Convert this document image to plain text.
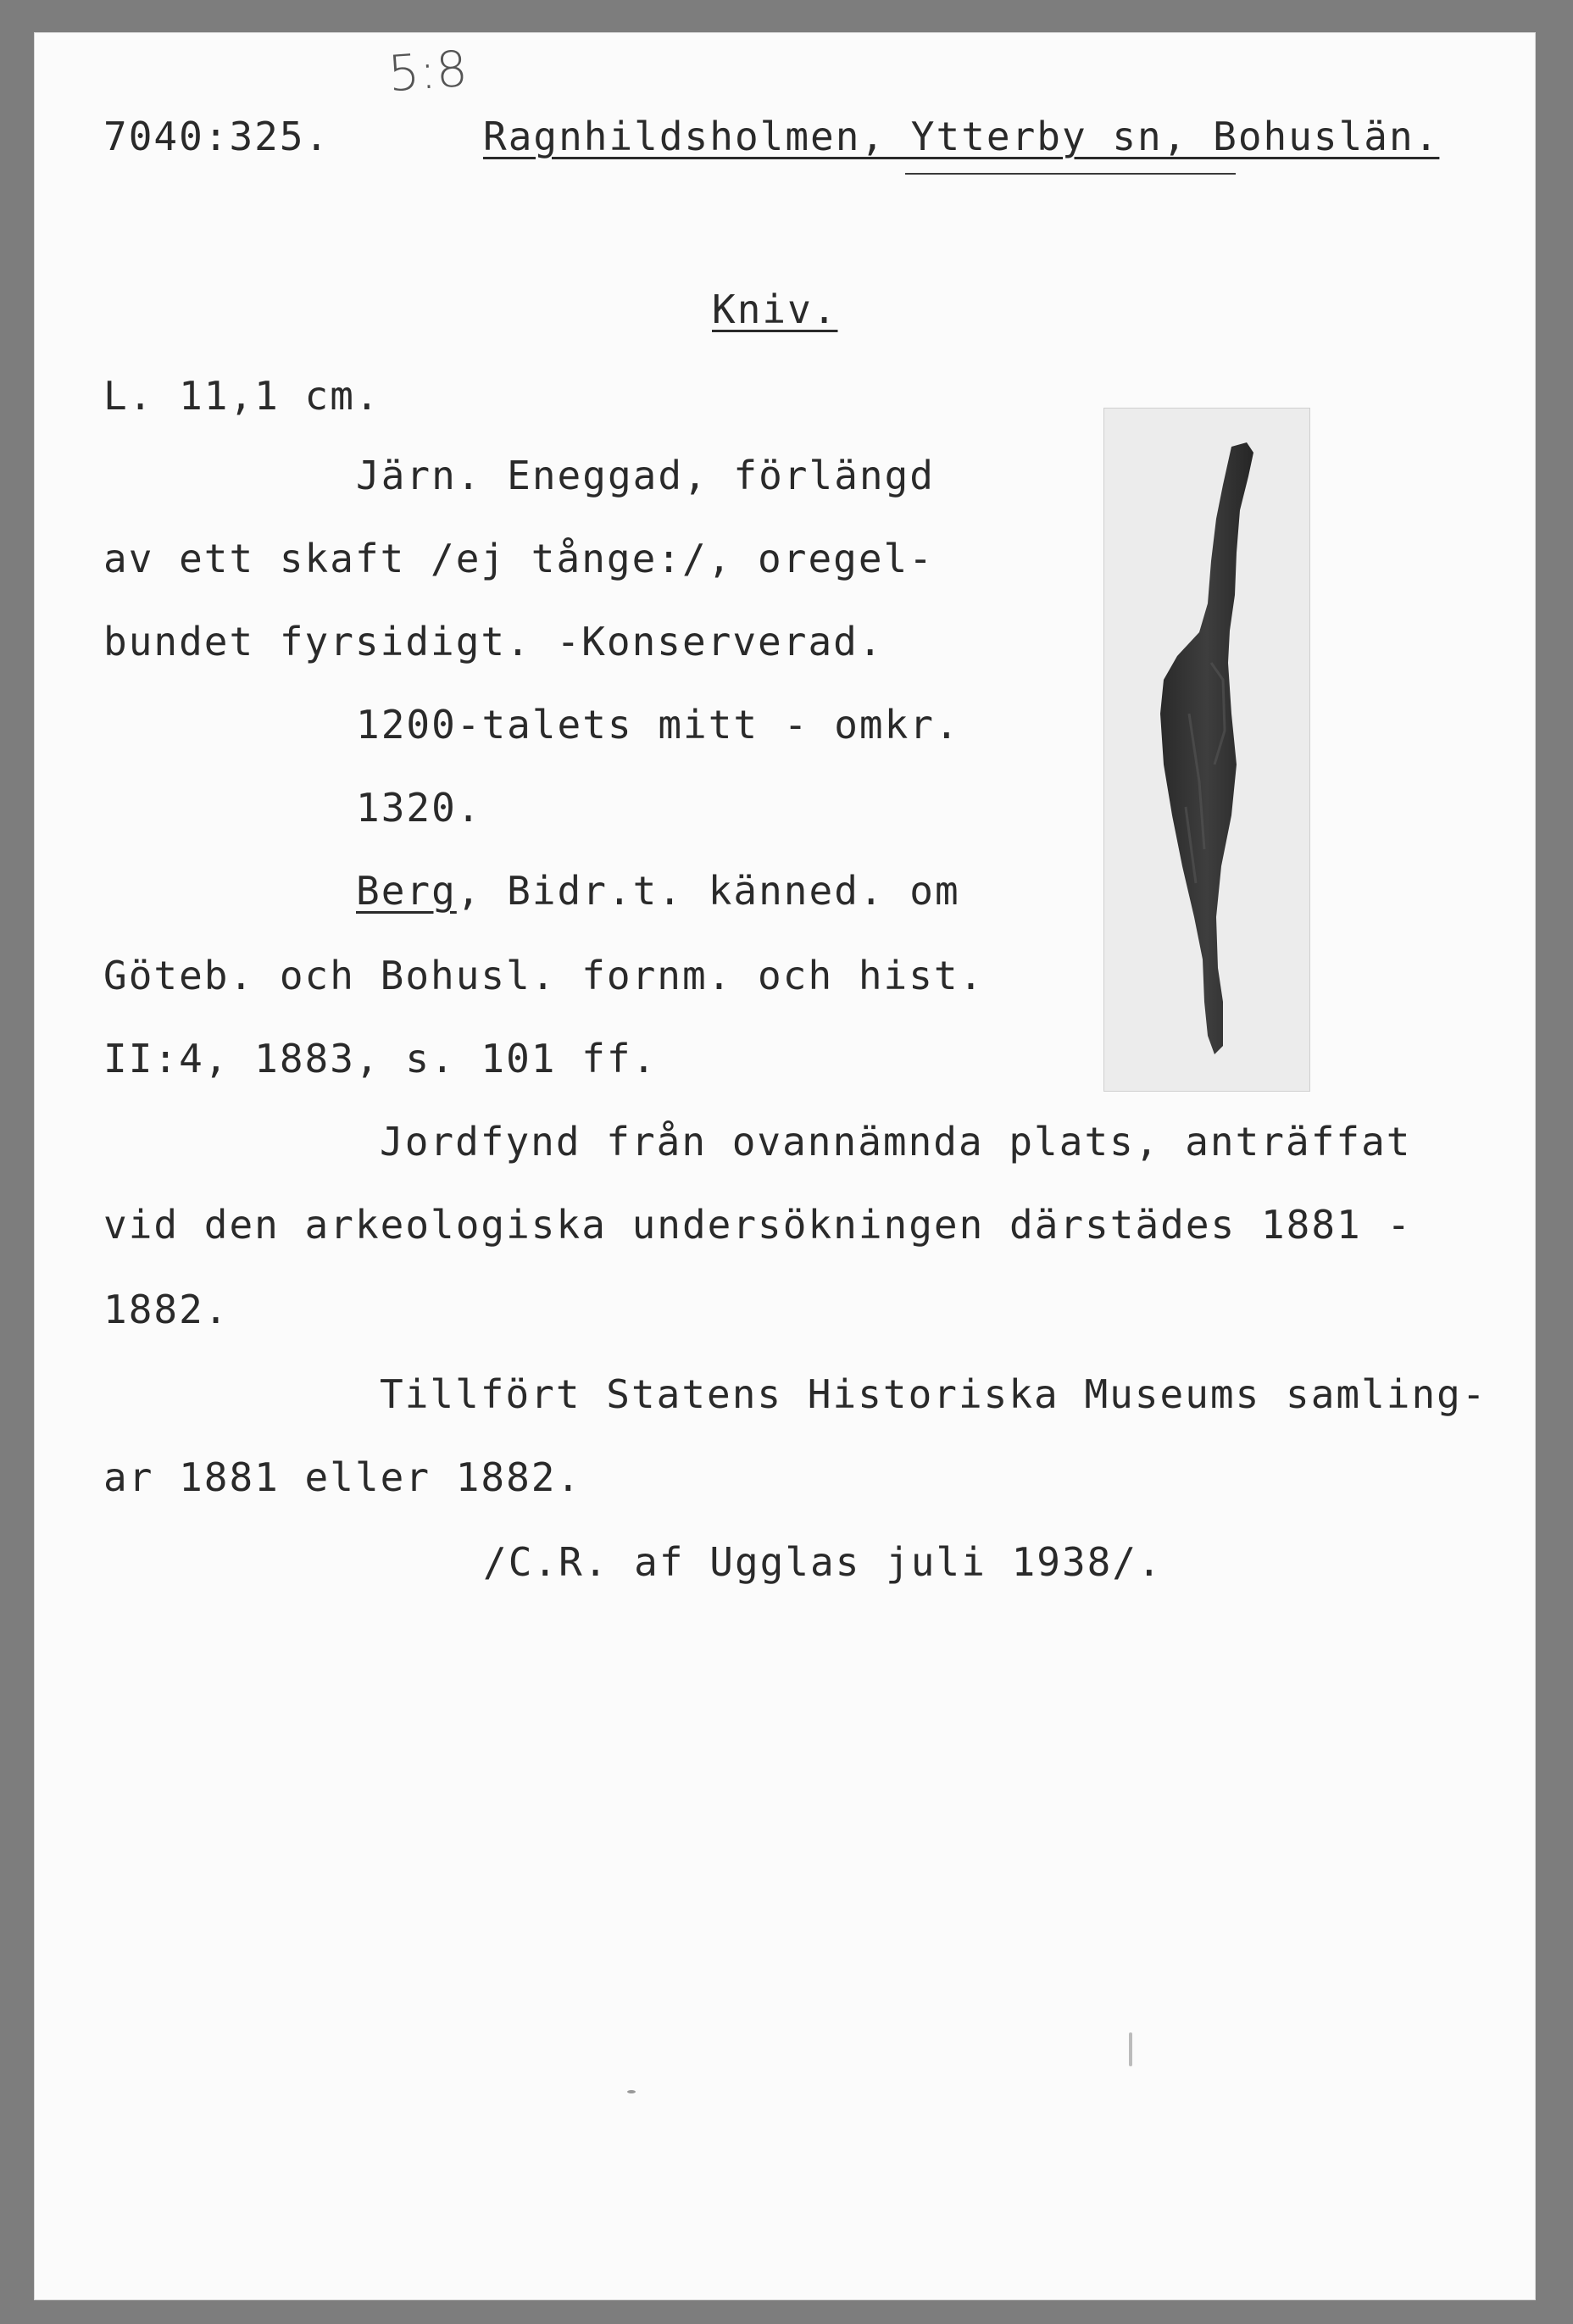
5:8
7040:325.	Ragnhildsholmen, Ytterby sn, Bohuslän.
Kniv.
L. 11,1 cm.
Järn. Eneggad, förlängd
av ett skaft /ej tånge:/, oregel-
bundet fyrsidigt. -Konserverad.
1200-talets mitt - omkr.
1320.
Berg, Bidr.t. känned. om
Göteb. och Bohusl. fornm. och hist.
II:4, 1883, s. 101 ff.
Jordfynd från ovannämnda plats, anträffat
vid den arkeologiska undersökningen därstädes 1881 -
1882.
Tillfört Statens Historiska Museums samling-
ar 1881 eller 1882.
/C.R. af Ugglas juli 1938/.
